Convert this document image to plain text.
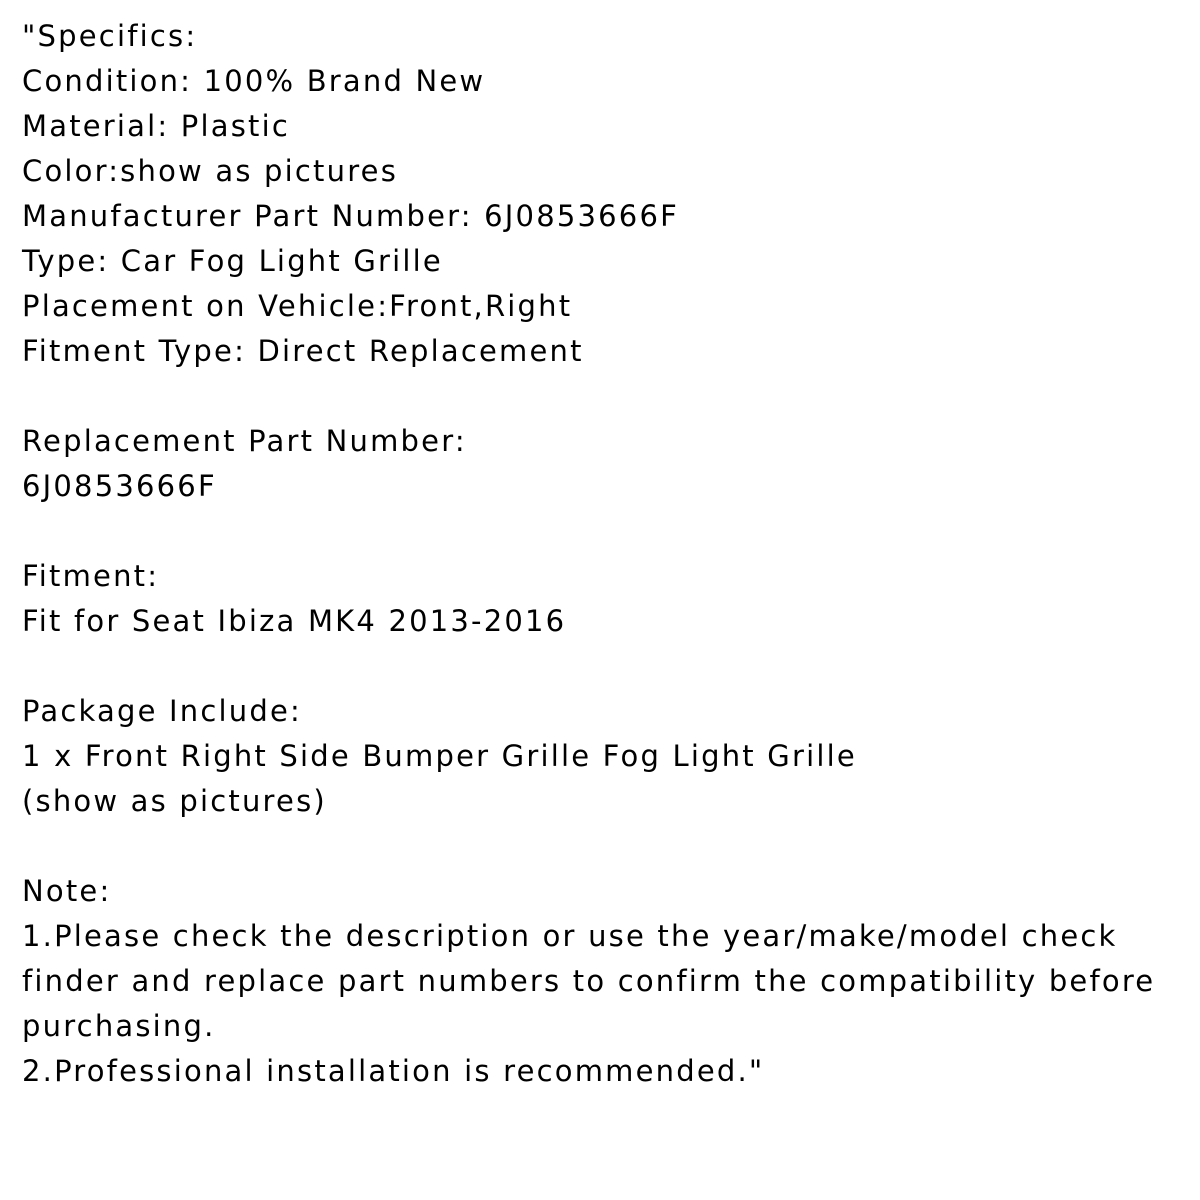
"Specifics:
Condition: 100% Brand New
Material: Plastic
Color:show as pictures
Manufacturer Part Number: 6J0853666F
Type: Car Fog Light Grille
Placement on Vehicle:Front,Right
Fitment Type: Direct Replacement
Replacement Part Number:
6J0853666F
Fitment:
Fit for Seat Ibiza MK4 2013-2016
Package Include:
1 x Front Right Side Bumper Grille Fog Light Grille
(show as pictures)
Note:
1.Please check the description or use the year/make/model check
finder and replace part numbers to confirm the compatibility before
purchasing.
2.Professional installation is recommended."
